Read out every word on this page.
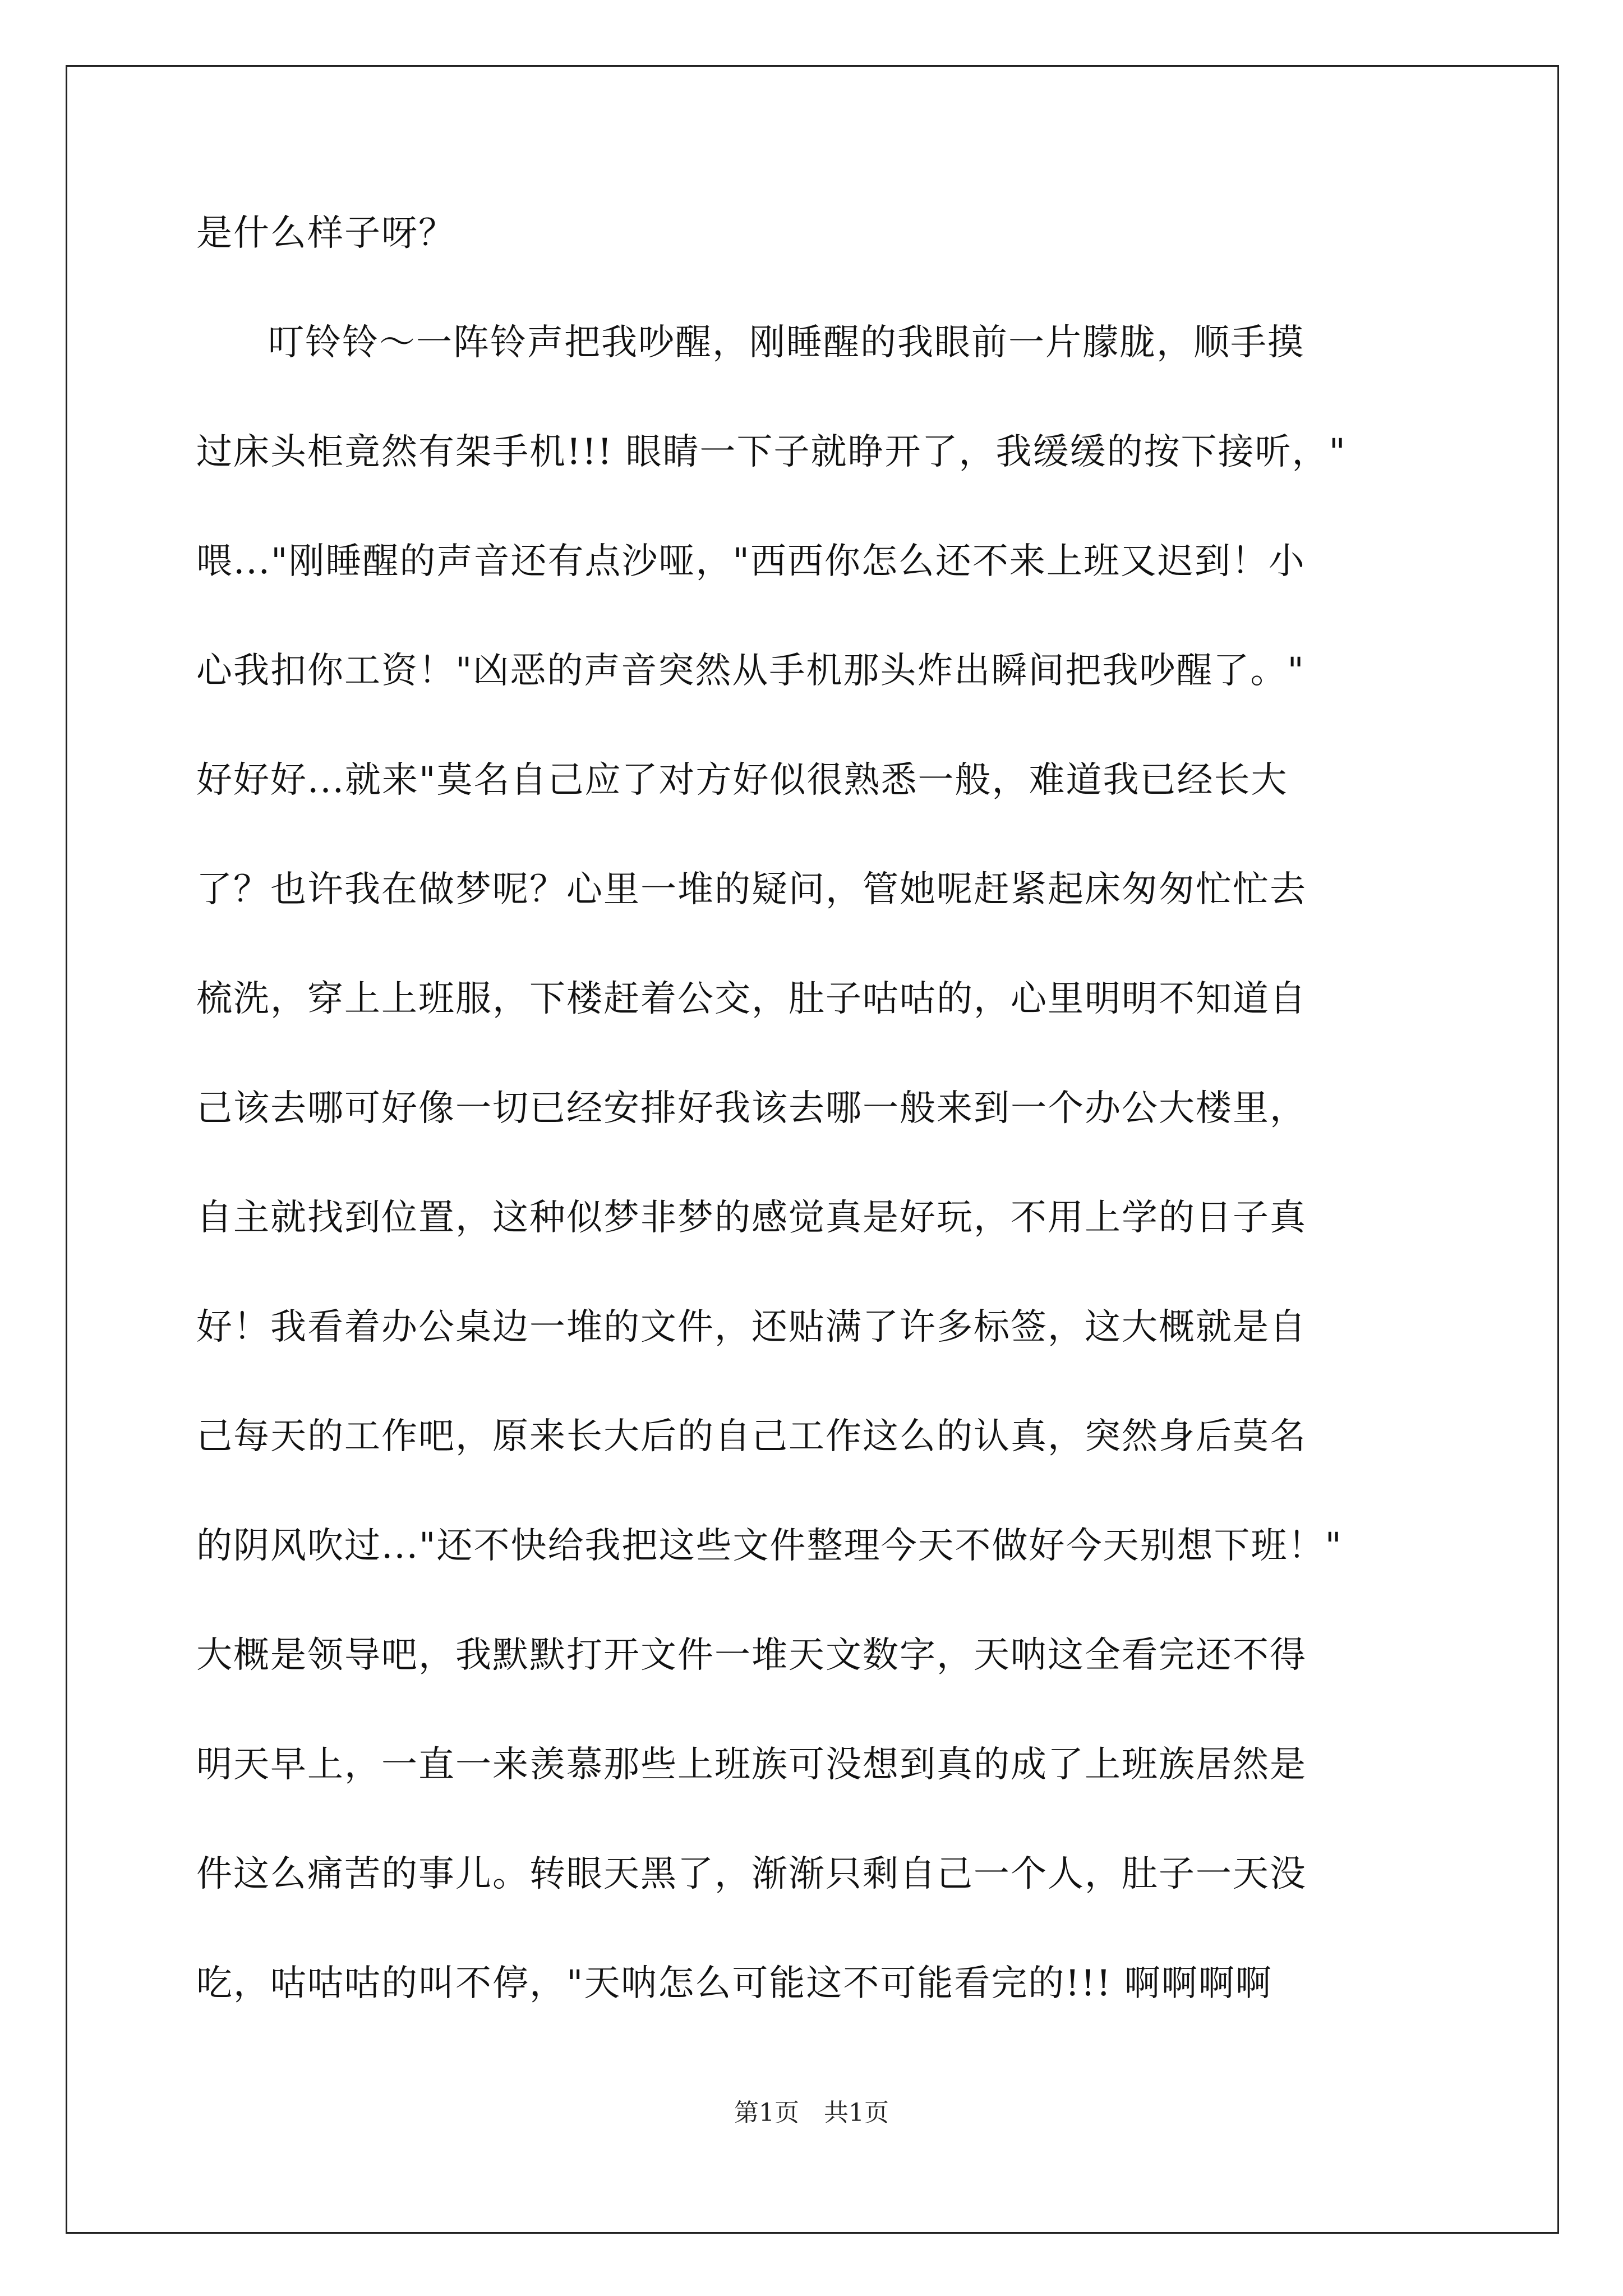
是什么样子呀？
叮铃铃～一阵铃声把我吵醒，刚睡醒的我眼前一片朦胧，顺手摸
过床头柜竟然有架手机!!! 眼睛一下子就睁开了，我缓缓的按下接听，"
喂..."刚睡醒的声音还有点沙哑，"西西你怎么还不来上班又迟到！小
心我扣你工资！"凶恶的声音突然从手机那头炸出瞬间把我吵醒了。"
好好好...就来"莫名自己应了对方好似很熟悉一般，难道我已经长大
了？也许我在做梦呢？心里一堆的疑问，管她呢赶紧起床匆匆忙忙去
梳洗，穿上上班服，下楼赶着公交，肚子咕咕的，心里明明不知道自
己该去哪可好像一切已经安排好我该去哪一般来到一个办公大楼里，
自主就找到位置，这种似梦非梦的感觉真是好玩，不用上学的日子真
好！我看着办公桌边一堆的文件，还贴满了许多标签，这大概就是自
己每天的工作吧，原来长大后的自己工作这么的认真，突然身后莫名
的阴风吹过..."还不快给我把这些文件整理今天不做好今天别想下班！"
大概是领导吧，我默默打开文件一堆天文数字，天呐这全看完还不得
明天早上，一直一来羡慕那些上班族可没想到真的成了上班族居然是
件这么痛苦的事儿。转眼天黑了，渐渐只剩自己一个人，肚子一天没
吃，咕咕咕的叫不停，"天呐怎么可能这不可能看完的!!! 啊啊啊啊
第1页　共1页
